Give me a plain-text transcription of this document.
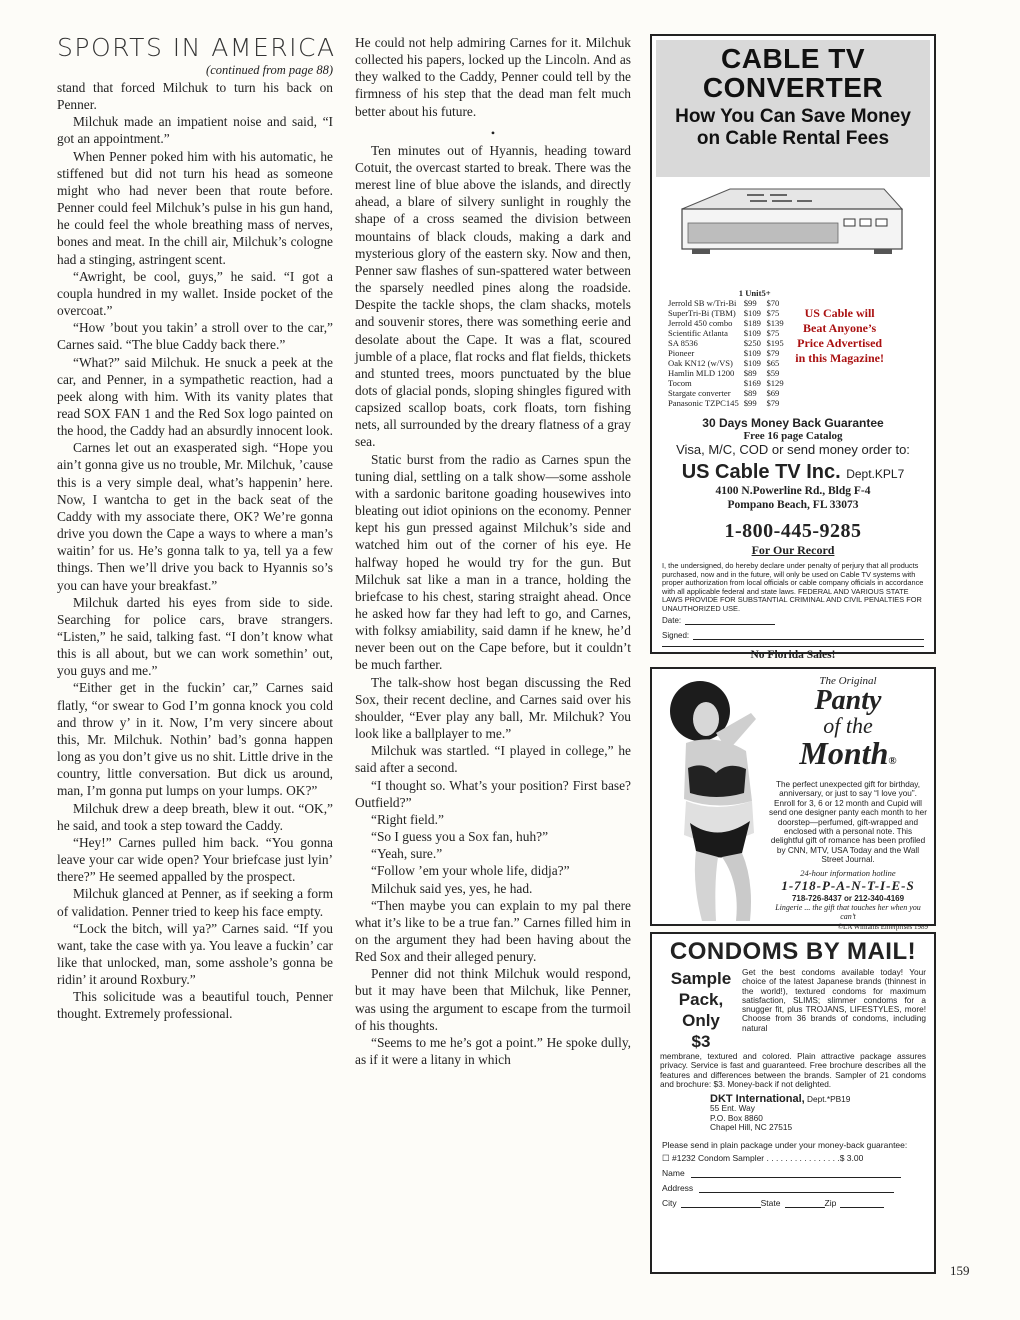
SPORTS IN AMERICA
(continued from page 88)

stand that forced Milchuk to turn his back on Penner.

Milchuk made an impatient noise and said, “I got an appointment.”

When Penner poked him with his automatic, he stiffened but did not turn his head as someone might who had never been that route before. Penner could feel Milchuk’s pulse in his gun hand, he could feel the whole breathing mass of nerves, bones and meat. In the chill air, Milchuk’s cologne had a stinging, astringent scent.

“Awright, be cool, guys,” he said. “I got a coupla hundred in my wallet. Inside pocket of the overcoat.”

“How ’bout you takin’ a stroll over to the car,” Carnes said. “The blue Caddy back there.”

“What?” said Milchuk. He snuck a peek at the car, and Penner, in a sympathetic reaction, had a peek along with him. With its vanity plates that read SOX FAN 1 and the Red Sox logo painted on the hood, the Caddy had an absurdly innocent look.

Carnes let out an exasperated sigh. “Hope you ain’t gonna give us no trouble, Mr. Milchuk, ’cause this is a very simple deal, what’s happenin’ here. Now, I wantcha to get in the back seat of the Caddy with my associate there, OK? We’re gonna drive you down the Cape a ways to where a man’s waitin’ for us. He’s gonna talk to ya, tell ya a few things. Then we’ll drive you back to Hyannis so’s you can have your breakfast.”

Milchuk darted his eyes from side to side. Searching for police cars, brave strangers. “Listen,” he said, talking fast. “I don’t know what this is all about, but we can work somethin’ out, you guys and me.”

“Either get in the fuckin’ car,” Carnes said flatly, “or swear to God I’m gonna knock you cold and throw y’ in it. Now, I’m very sincere about this, Mr. Milchuk. Nothin’ bad’s gonna happen long as you don’t give us no shit. Little drive in the country, little conversation. But dick us around, man, I’m gonna put lumps on your lumps. OK?”

Milchuk drew a deep breath, blew it out. “OK,” he said, and took a step toward the Caddy.

“Hey!” Carnes pulled him back. “You gonna leave your car wide open? Your briefcase just lyin’ there?” He seemed appalled by the prospect.

Milchuk glanced at Penner, as if seeking a form of validation. Penner tried to keep his face empty.

“Lock the bitch, will ya?” Carnes said. “If you want, take the case with ya. You leave a fuckin’ car like that unlocked, man, some asshole’s gonna be ridin’ it around Roxbury.”

This solicitude was a beautiful touch, Penner thought. Extremely professional.

He could not help admiring Carnes for it. Milchuk collected his papers, locked up the Lincoln. And as they walked to the Caddy, Penner could tell by the firmness of his step that the dead man felt much better about his future.

•

Ten minutes out of Hyannis, heading toward Cotuit, the overcast started to break. There was the merest line of blue above the islands, and directly ahead, a blare of silvery sunlight in roughly the shape of a cross seamed the division between mountains of black clouds, making a dark and mysterious glory of the eastern sky. Now and then, Penner saw flashes of sun-spattered water between the sparsely needled pines along the roadside. Despite the tackle shops, the clam shacks, motels and souvenir stores, there was something eerie and desolate about the Cape. It was a flat, scoured jumble of a place, flat rocks and flat fields, thickets and stunted trees, moors punctuated by the blue dots of glacial ponds, sloping shingles figured with capsized scallop boats, cork floats, torn fishing nets, all surrounded by the dreary flatness of a gray sea.

Static burst from the radio as Carnes spun the tuning dial, settling on a talk show—some asshole with a sardonic baritone goading housewives into bleating out idiot opinions on the economy. Penner kept his gun pressed against Milchuk’s side and watched him out of the corner of his eye. He halfway hoped he would try for the gun. But Milchuk sat like a man in a trance, holding the briefcase to his chest, staring straight ahead. Once he asked how far they had left to go, and Carnes, with folksy amiability, said damn if he knew, he’d never been out on the Cape before, but it couldn’t be much farther.

The talk-show host began discussing the Red Sox, their recent decline, and Carnes said over his shoulder, “Ever play any ball, Mr. Milchuk? You look like a ballplayer to me.”

Milchuk was startled. “I played in college,” he said after a second.

“I thought so. What’s your position? First base? Outfield?”

“Right field.”

“So I guess you a Sox fan, huh?”

“Yeah, sure.”

“Follow ’em your whole life, didja?”

Milchuk said yes, yes, he had.

“Then maybe you can explain to my pal there what it’s like to be a true fan.” Carnes filled him in on the argument they had been having about the Red Sox and their alleged penury.

Penner did not think Milchuk would respond, but it may have been that Milchuk, like Penner, was using the argument to escape from the turmoil of his thoughts.

“Seems to me he’s got a point.” He spoke dully, as if it were a litany in which

CABLE TV
CONVERTER
How You Can Save Money
on Cable Rental Fees
	1 Unit	5+
Jerrold SB w/Tri-Bi	$99	$70
SuperTri-Bi (TBM)	$109	$75
Jerrold 450 combo	$189	$139
Scientific Atlanta	$109	$75
SA 8536	$250	$195
Pioneer	$109	$79
Oak KN12 (w/VS)	$109	$65
Hamlin MLD 1200	$89	$59
Tocom	$169	$129
Stargate converter	$89	$69
Panasonic TZPC145	$99	$79
US Cable will Beat Anyone’s Price Advertised in this Magazine!
30 Days Money Back Guarantee
Free 16 page Catalog
Visa, M/C, COD or send money order to:
US Cable TV Inc. Dept.KPL7
4100 N.Powerline Rd., Bldg F-4
Pompano Beach, FL 33073
1-800-445-9285
For Our Record
I, the undersigned, do hereby declare under penalty of perjury that all products purchased, now and in the future, will only be used on Cable TV systems with proper authorization from local officials or cable company officials in accordance with all applicable federal and state laws. FEDERAL AND VARIOUS STATE LAWS PROVIDE FOR SUBSTANTIAL CRIMINAL AND CIVIL PENALTIES FOR UNAUTHORIZED USE.
Date:
Signed:
No Florida Sales!
The Original
Panty
of the
Month®
The perfect unexpected gift for birthday, anniversary, or just to say “I love you”. Enroll for 3, 6 or 12 month and Cupid will send one designer panty each month to her doorstep—perfumed, gift-wrapped and enclosed with a personal note. This delightful gift of romance has been profiled by CNN, MTV, USA Today and the Wall Street Journal.
24-hour information hotline
1-718-P-A-N-T-I-E-S
718-726-8437 or 212-340-4169
Lingerie ... the gift that touches her when you can’t
©LA Williams Enterprises 1989
CONDOMS BY MAIL!
Sample
Pack,
Only
$3
Get the best condoms available today! Your choice of the latest Japanese brands (thinnest in the world!), textured condoms for maximum satisfaction, SLIMS; slimmer condoms for a snugger fit, plus TROJANS, LIFESTYLES, more! Choose from 36 brands of condoms, including natural
membrane, textured and colored. Plain attractive package assures privacy. Service is fast and guaranteed. Free brochure describes all the features and differences between the brands. Sampler of 21 condoms and brochure: $3. Money-back if not delighted.
DKT International, Dept.*PB19
55 Ent. Way
P.O. Box 8860
Chapel Hill, NC 27515
Please send in plain package under your money-back guarantee:
☐ #1232 Condom Sampler . . . . . . . . . . . . . . . .$ 3.00
Name
Address
City	State	Zip
159
